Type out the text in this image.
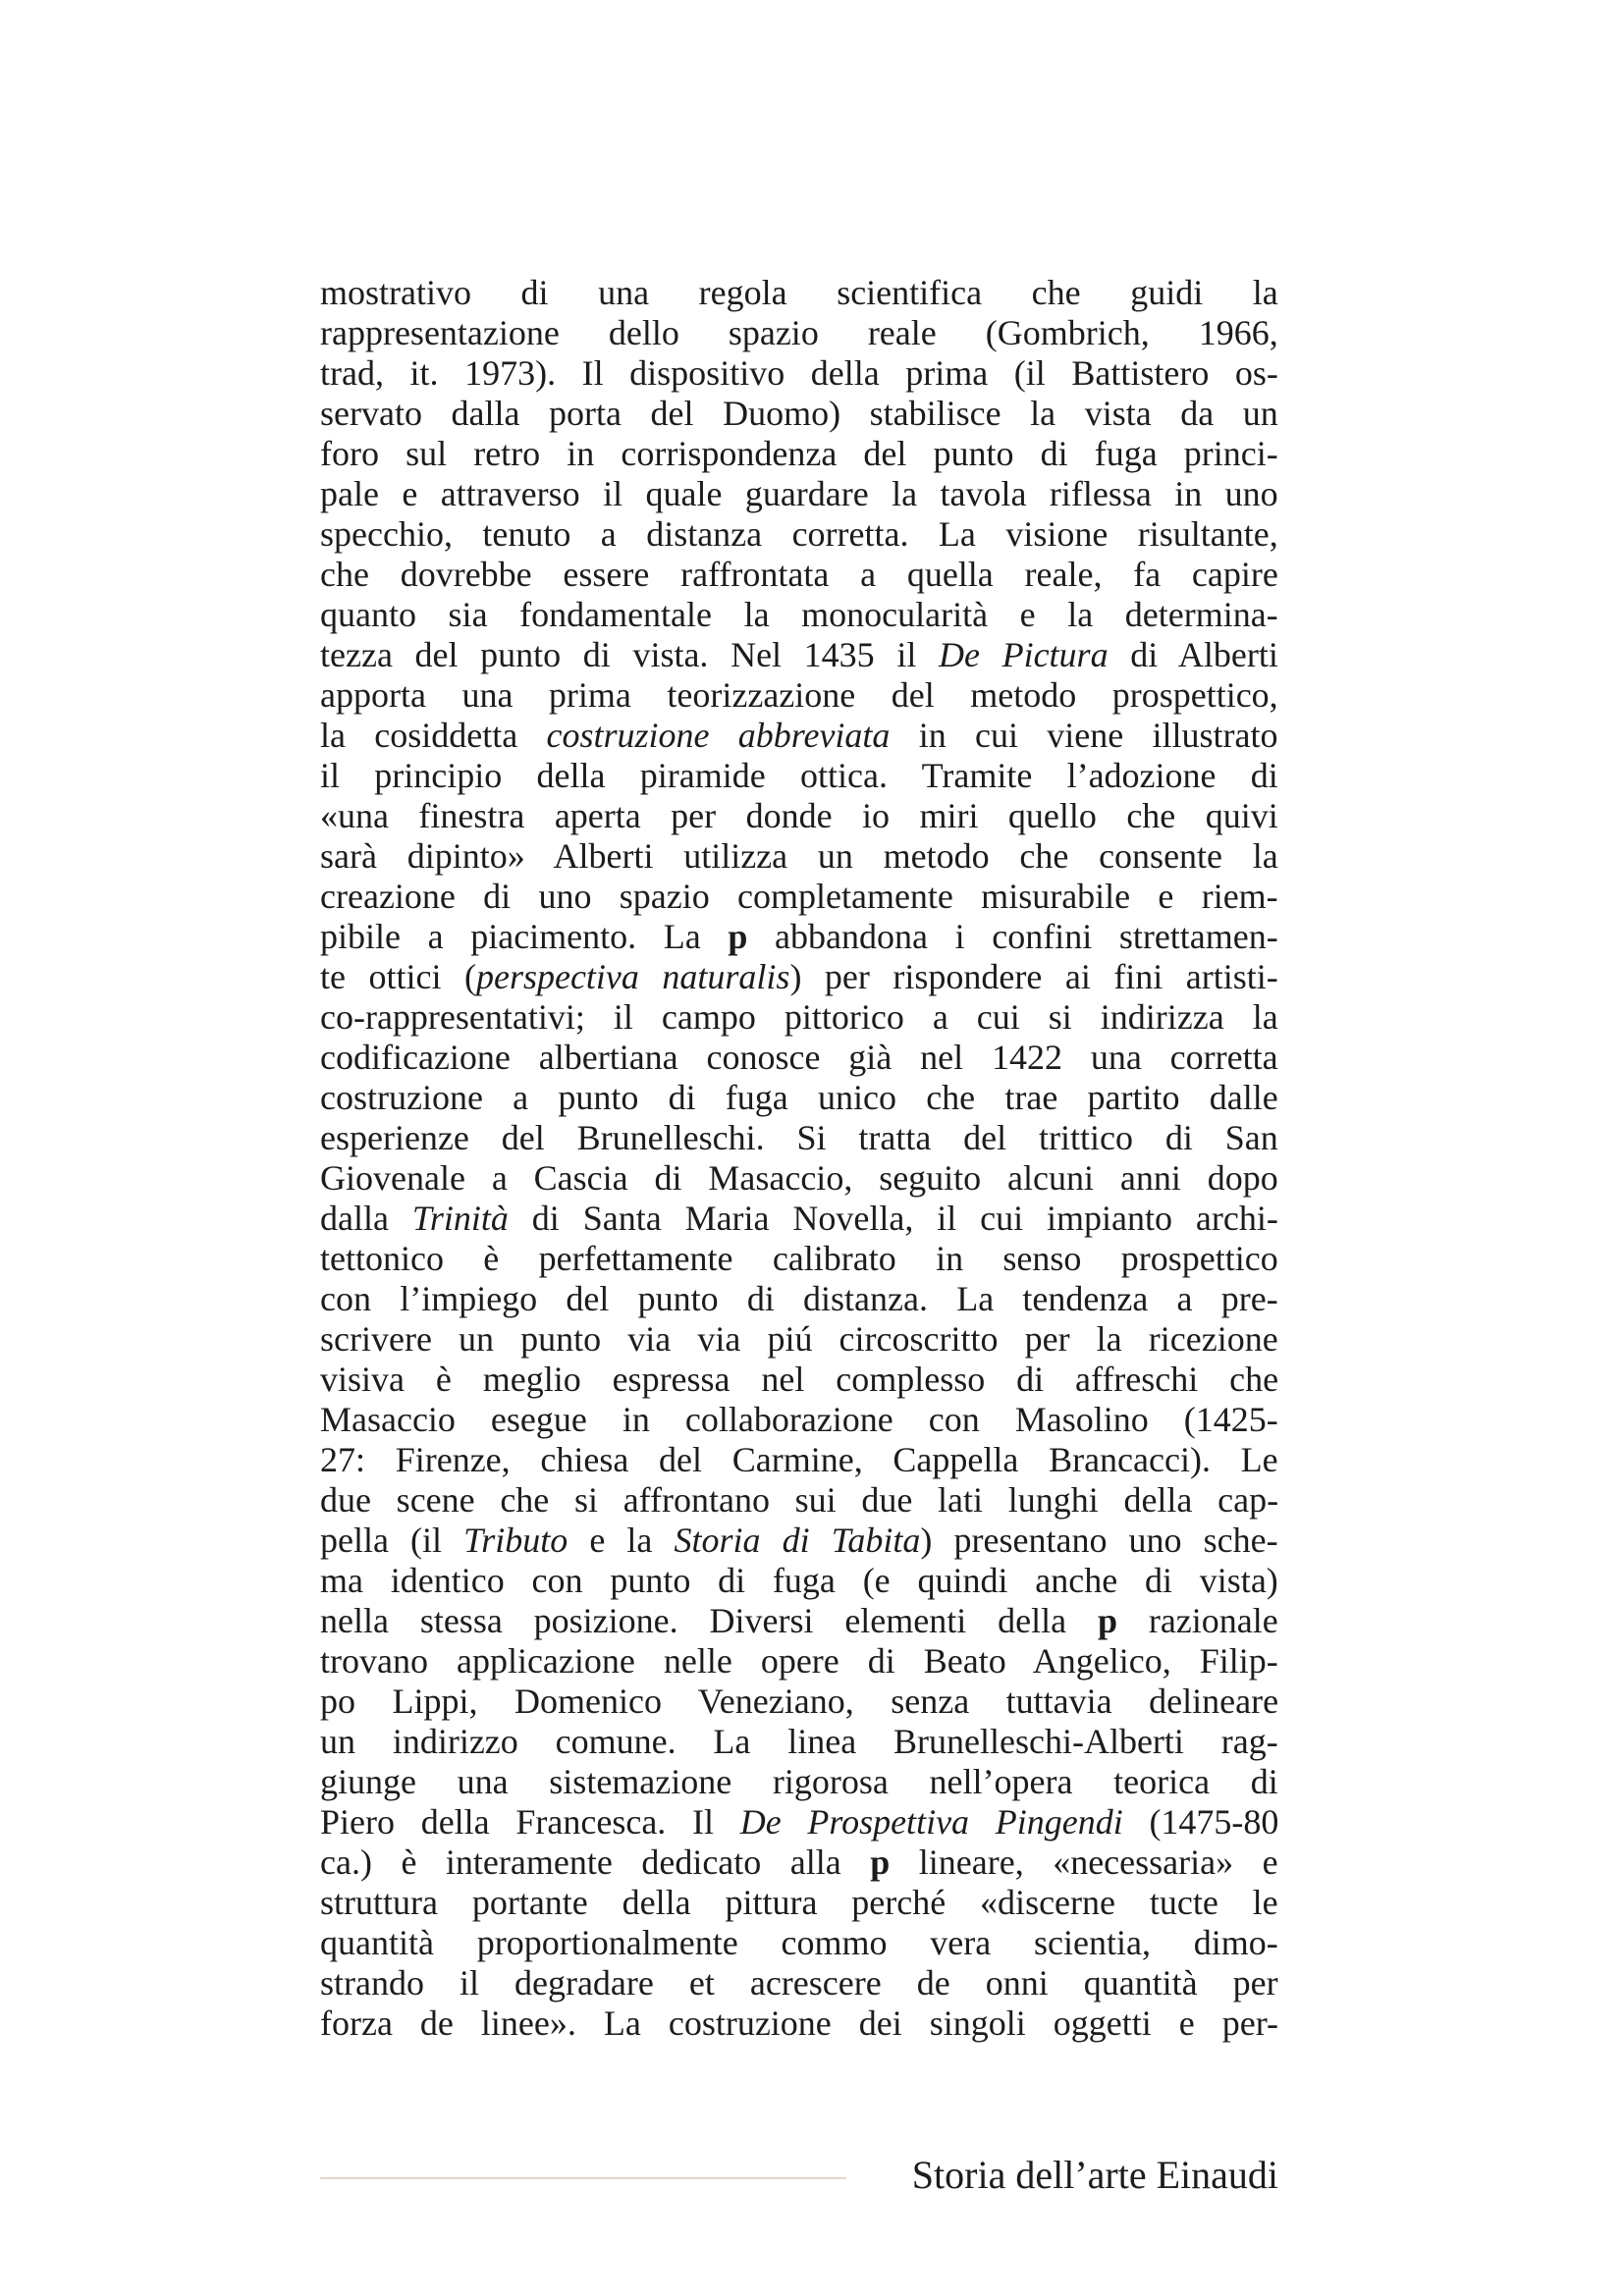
mostrativo di una regola scientifica che guidi la
rappresentazione dello spazio reale (Gombrich, 1966,
trad, it. 1973). Il dispositivo della prima (il Battistero os-
servato dalla porta del Duomo) stabilisce la vista da un
foro sul retro in corrispondenza del punto di fuga princi-
pale e attraverso il quale guardare la tavola riflessa in uno
specchio, tenuto a distanza corretta. La visione risultante,
che dovrebbe essere raffrontata a quella reale, fa capire
quanto sia fondamentale la monocularità e la determina-
tezza del punto di vista. Nel 1435 il De Pictura di Alberti
apporta una prima teorizzazione del metodo prospettico,
la cosiddetta costruzione abbreviata in cui viene illustrato
il principio della piramide ottica. Tramite l’adozione di
«una finestra aperta per donde io miri quello che quivi
sarà dipinto» Alberti utilizza un metodo che consente la
creazione di uno spazio completamente misurabile e riem-
pibile a piacimento. La p abbandona i confini strettamen-
te ottici (perspectiva naturalis) per rispondere ai fini artisti-
co-rappresentativi; il campo pittorico a cui si indirizza la
codificazione albertiana conosce già nel 1422 una corretta
costruzione a punto di fuga unico che trae partito dalle
esperienze del Brunelleschi. Si tratta del trittico di San
Giovenale a Cascia di Masaccio, seguito alcuni anni dopo
dalla Trinità di Santa Maria Novella, il cui impianto archi-
tettonico è perfettamente calibrato in senso prospettico
con l’impiego del punto di distanza. La tendenza a pre-
scrivere un punto via via piú circoscritto per la ricezione
visiva è meglio espressa nel complesso di affreschi che
Masaccio esegue in collaborazione con Masolino (1425-
27: Firenze, chiesa del Carmine, Cappella Brancacci). Le
due scene che si affrontano sui due lati lunghi della cap-
pella (il Tributo e la Storia di Tabita) presentano uno sche-
ma identico con punto di fuga (e quindi anche di vista)
nella stessa posizione. Diversi elementi della p razionale
trovano applicazione nelle opere di Beato Angelico, Filip-
po Lippi, Domenico Veneziano, senza tuttavia delineare
un indirizzo comune. La linea Brunelleschi-Alberti rag-
giunge una sistemazione rigorosa nell’opera teorica di
Piero della Francesca. Il De Prospettiva Pingendi (1475-80
ca.) è interamente dedicato alla p lineare, «necessaria» e
struttura portante della pittura perché «discerne tucte le
quantità proportionalmente commo vera scientia, dimo-
strando il degradare et acrescere de onni quantità per
forza de linee». La costruzione dei singoli oggetti e per-
Storia dell’arte Einaudi
